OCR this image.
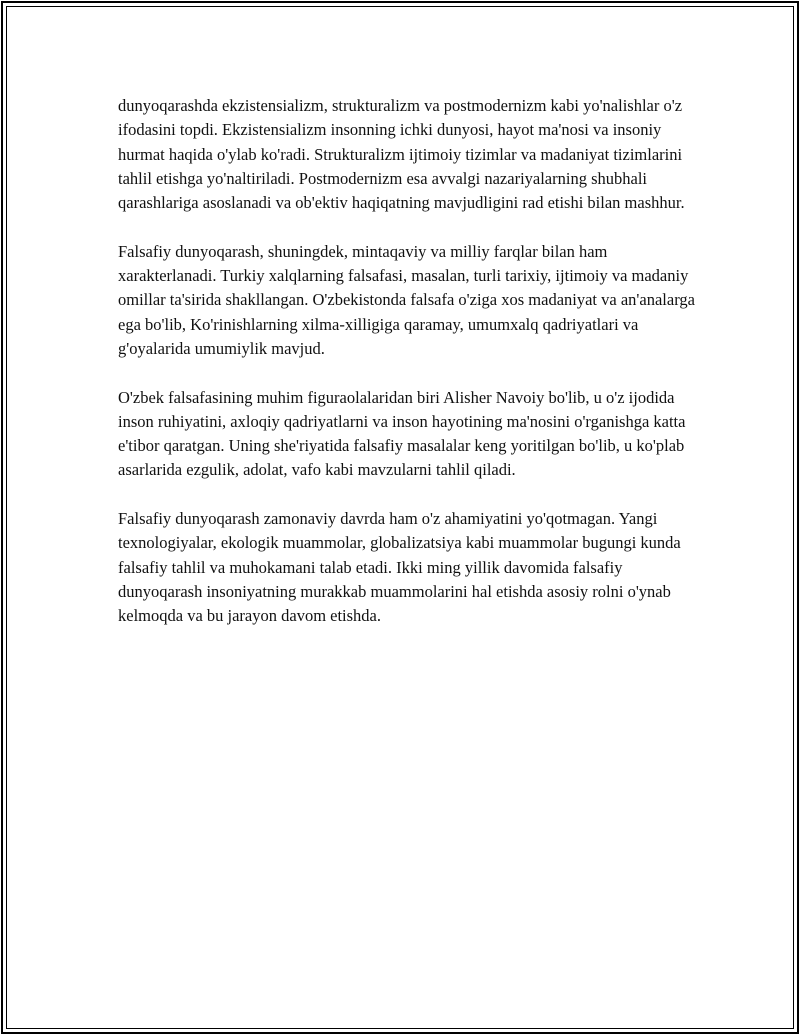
dunyoqarashda ekzistensializm, strukturalizm va postmodernizm kabi yo'nalishlar o'z ifodasini topdi. Ekzistensializm insonning ichki dunyosi, hayot ma'nosi va insoniy hurmat haqida o'ylab ko'radi. Strukturalizm ijtimoiy tizimlar va madaniyat tizimlarini tahlil etishga yo'naltiriladi. Postmodernizm esa avvalgi nazariyalarning shubhali qarashlariga asoslanadi va ob'ektiv haqiqatning mavjudligini rad etishi bilan mashhur.

Falsafiy dunyoqarash, shuningdek, mintaqaviy va milliy farqlar bilan ham xarakterlanadi. Turkiy xalqlarning falsafasi, masalan, turli tarixiy, ijtimoiy va madaniy omillar ta'sirida shakllangan. O'zbekistonda falsafa o'ziga xos madaniyat va an'analarga ega bo'lib, Ko'rinishlarning xilma-xilligiga qaramay, umumxalq qadriyatlari va g'oyalarida umumiylik mavjud.

O'zbek falsafasining muhim figuraolalaridan biri Alisher Navoiy bo'lib, u o'z ijodida inson ruhiyatini, axloqiy qadriyatlarni va inson hayotining ma'nosini o'rganishga katta e'tibor qaratgan. Uning she'riyatida falsafiy masalalar keng yoritilgan bo'lib, u ko'plab asarlarida ezgulik, adolat, vafo kabi mavzularni tahlil qiladi.

Falsafiy dunyoqarash zamonaviy davrda ham o'z ahamiyatini yo'qotmagan. Yangi texnologiyalar, ekologik muammolar, globalizatsiya kabi muammolar bugungi kunda falsafiy tahlil va muhokamani talab etadi. Ikki ming yillik davomida falsafiy dunyoqarash insoniyatning murakkab muammolarini hal etishda asosiy rolni o'ynab kelmoqda va bu jarayon davom etishda.
